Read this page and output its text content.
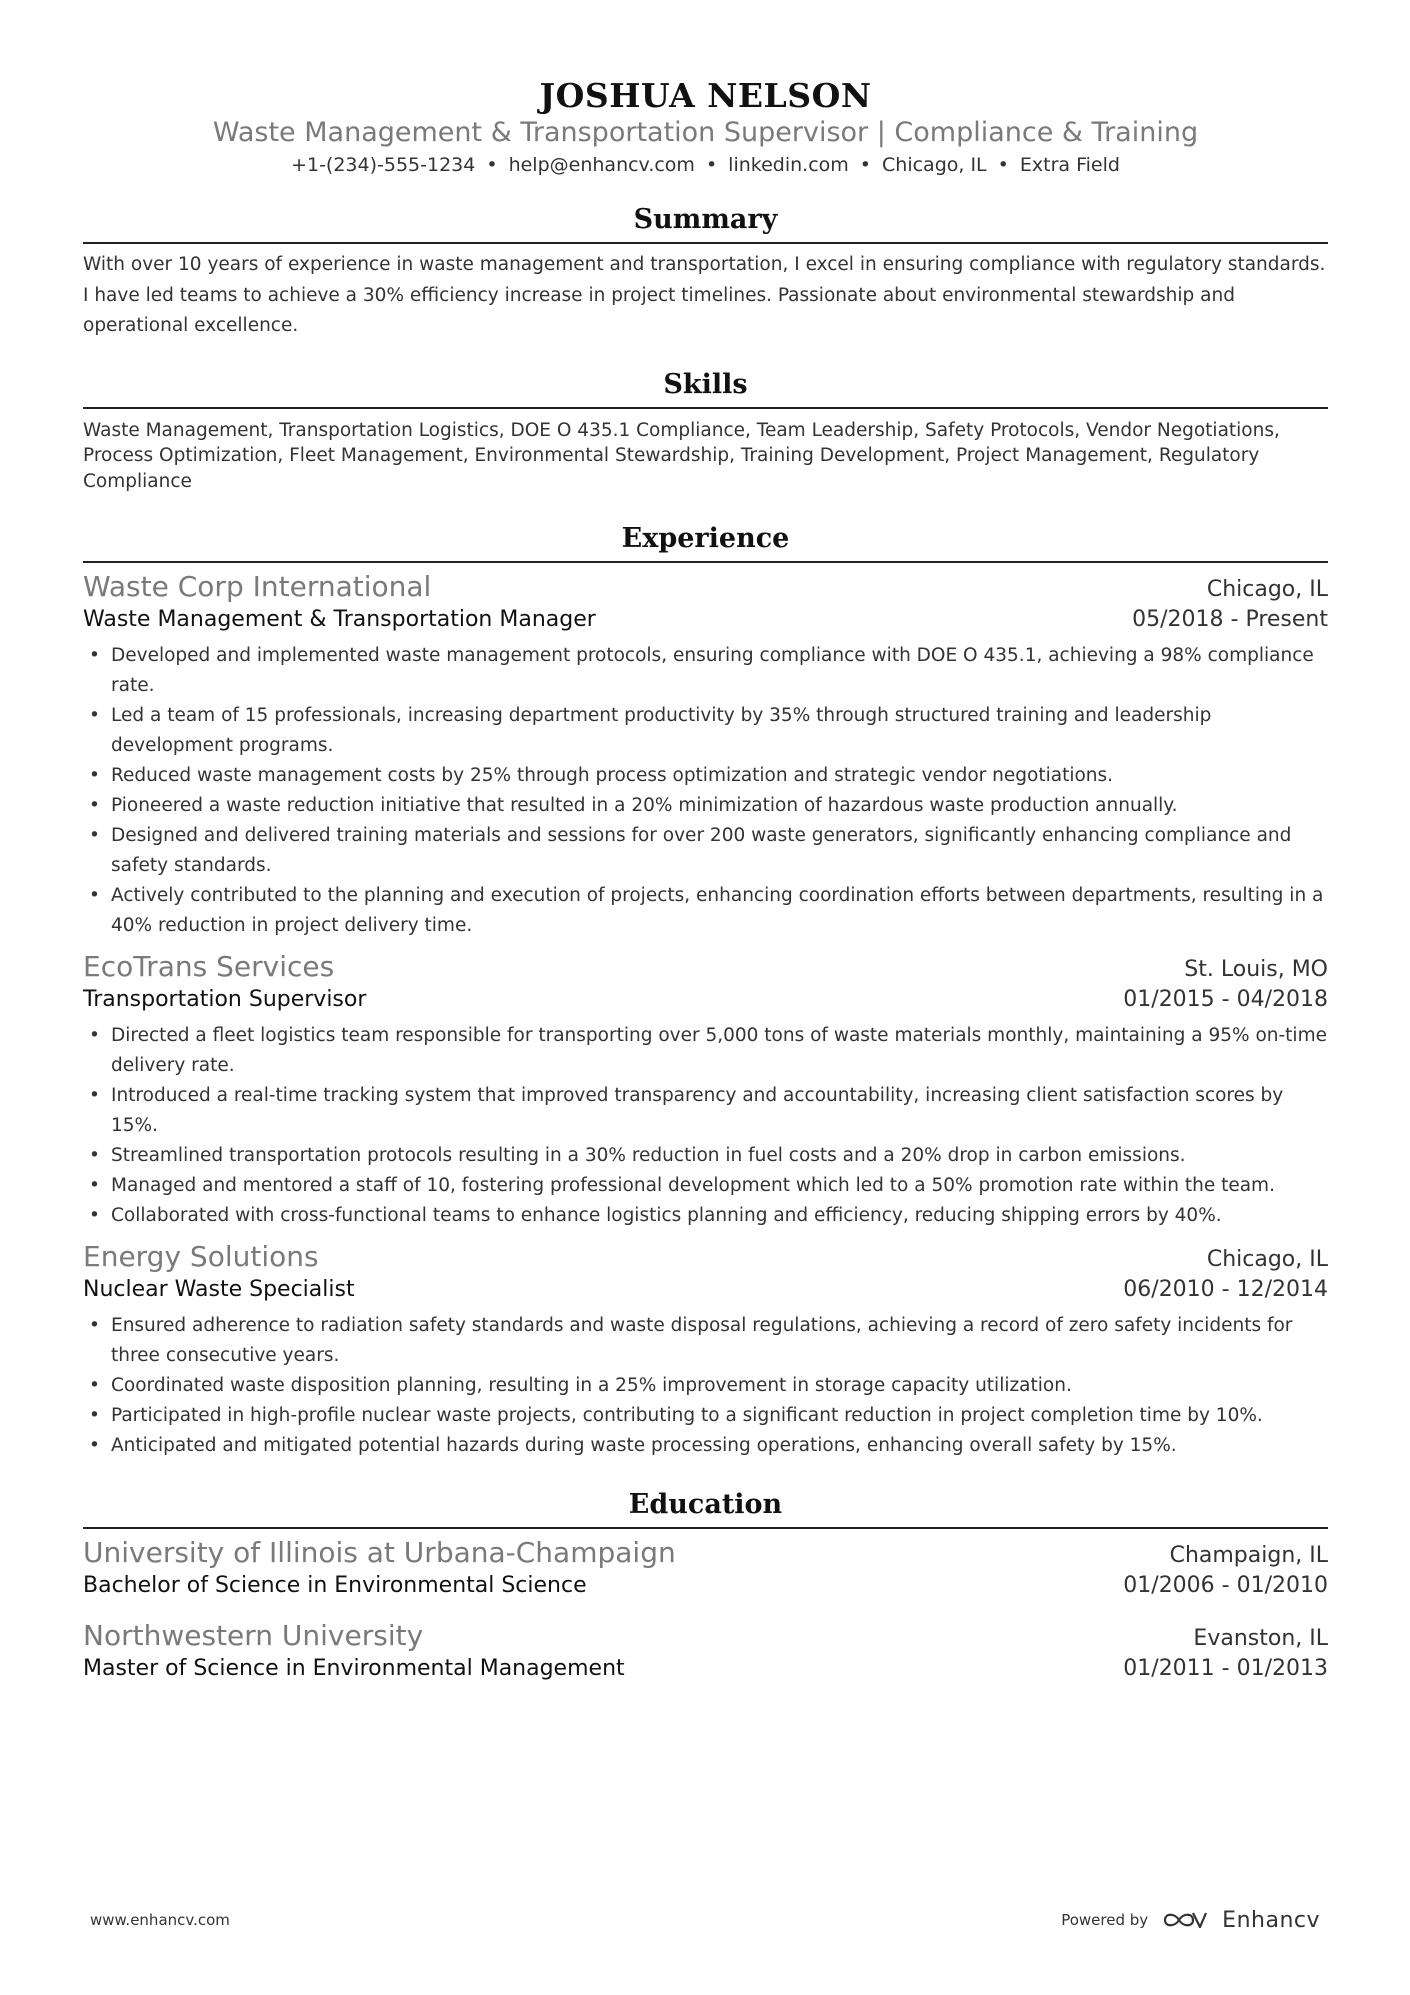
JOSHUA NELSON
Waste Management & Transportation Supervisor | Compliance & Training
+1-(234)-555-1234 • help@enhancv.com • linkedin.com • Chicago, IL • Extra Field
Summary
With over 10 years of experience in waste management and transportation, I excel in ensuring compliance with regulatory standards. I have led teams to achieve a 30% efficiency increase in project timelines. Passionate about environmental stewardship and operational excellence.
Skills
Waste Management, Transportation Logistics, DOE O 435.1 Compliance, Team Leadership, Safety Protocols, Vendor Negotiations, Process Optimization, Fleet Management, Environmental Stewardship, Training Development, Project Management, Regulatory Compliance
Experience
Waste Corp International	Chicago, IL
Waste Management & Transportation Manager	05/2018 - Present
• Developed and implemented waste management protocols, ensuring compliance with DOE O 435.1, achieving a 98% compliance rate.
• Led a team of 15 professionals, increasing department productivity by 35% through structured training and leadership development programs.
• Reduced waste management costs by 25% through process optimization and strategic vendor negotiations.
• Pioneered a waste reduction initiative that resulted in a 20% minimization of hazardous waste production annually.
• Designed and delivered training materials and sessions for over 200 waste generators, significantly enhancing compliance and safety standards.
• Actively contributed to the planning and execution of projects, enhancing coordination efforts between departments, resulting in a 40% reduction in project delivery time.
EcoTrans Services	St. Louis, MO
Transportation Supervisor	01/2015 - 04/2018
• Directed a fleet logistics team responsible for transporting over 5,000 tons of waste materials monthly, maintaining a 95% on-time delivery rate.
• Introduced a real-time tracking system that improved transparency and accountability, increasing client satisfaction scores by 15%.
• Streamlined transportation protocols resulting in a 30% reduction in fuel costs and a 20% drop in carbon emissions.
• Managed and mentored a staff of 10, fostering professional development which led to a 50% promotion rate within the team.
• Collaborated with cross-functional teams to enhance logistics planning and efficiency, reducing shipping errors by 40%.
Energy Solutions	Chicago, IL
Nuclear Waste Specialist	06/2010 - 12/2014
• Ensured adherence to radiation safety standards and waste disposal regulations, achieving a record of zero safety incidents for three consecutive years.
• Coordinated waste disposition planning, resulting in a 25% improvement in storage capacity utilization.
• Participated in high-profile nuclear waste projects, contributing to a significant reduction in project completion time by 10%.
• Anticipated and mitigated potential hazards during waste processing operations, enhancing overall safety by 15%.
Education
University of Illinois at Urbana-Champaign	Champaign, IL
Bachelor of Science in Environmental Science	01/2006 - 01/2010
Northwestern University	Evanston, IL
Master of Science in Environmental Management	01/2011 - 01/2013
www.enhancv.com	Powered by	Enhancv
